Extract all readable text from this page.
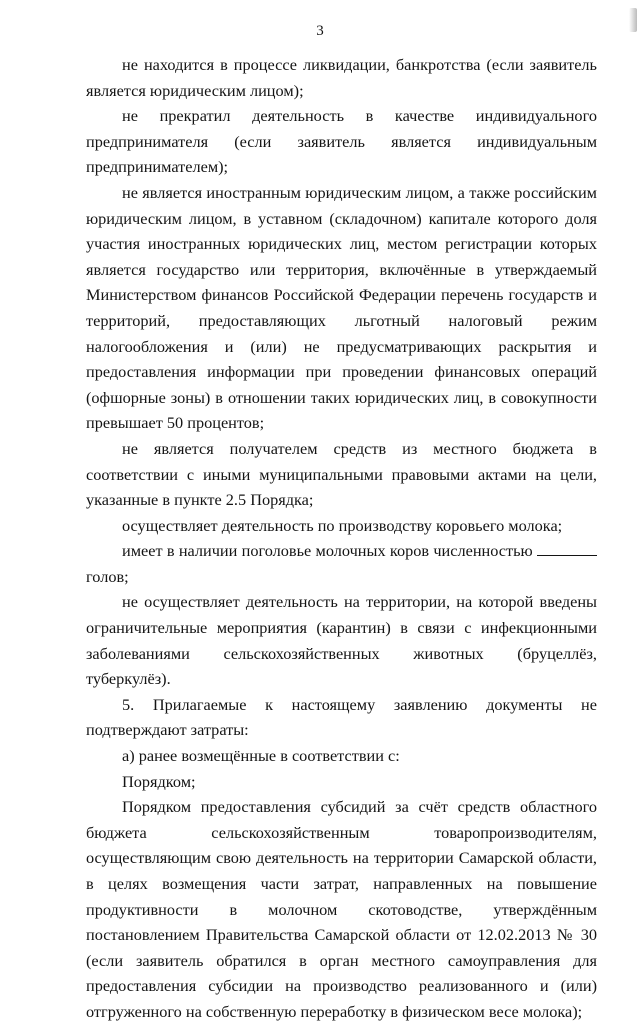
3

не находится в процессе ликвидации, банкротства (если заявитель является юридическим лицом);

не прекратил деятельность в качестве индивидуального предпринимателя (если заявитель является индивидуальным предпринимателем);

не является иностранным юридическим лицом, а также российским юридическим лицом, в уставном (складочном) капитале которого доля участия иностранных юридических лиц, местом регистрации которых является государство или территория, включённые в утверждаемый Министерством финансов Российской Федерации перечень государств и территорий, предоставляющих льготный налоговый режим налогообложения и (или) не предусматривающих раскрытия и предоставления информации при проведении финансовых операций (офшорные зоны) в отношении таких юридических лиц, в совокупности превышает 50 процентов;

не является получателем средств из местного бюджета в соответствии с иными муниципальными правовыми актами на цели, указанные в пункте 2.5 Порядка;

осуществляет деятельность по производству коровьего молока;

имеет в наличии поголовье молочных коров численностью  голов;

не осуществляет деятельность на территории, на которой введены ограничительные мероприятия (карантин) в связи с инфекционными заболеваниями сельскохозяйственных животных (бруцеллёз, туберкулёз).

5. Прилагаемые к настоящему заявлению документы не подтверждают затраты:

а) ранее возмещённые в соответствии с:

Порядком;

Порядком предоставления субсидий за счёт средств областного бюджета сельскохозяйственным товаропроизводителям, осуществляющим свою деятельность на территории Самарской области, в целях возмещения части затрат, направленных на повышение продуктивности в молочном скотоводстве, утверждённым постановлением Правительства Самарской области от 12.02.2013 № 30 (если заявитель обратился в орган местного самоуправления для предоставления субсидии на производство реализованного и (или) отгруженного на собственную переработку в физическом весе молока);
